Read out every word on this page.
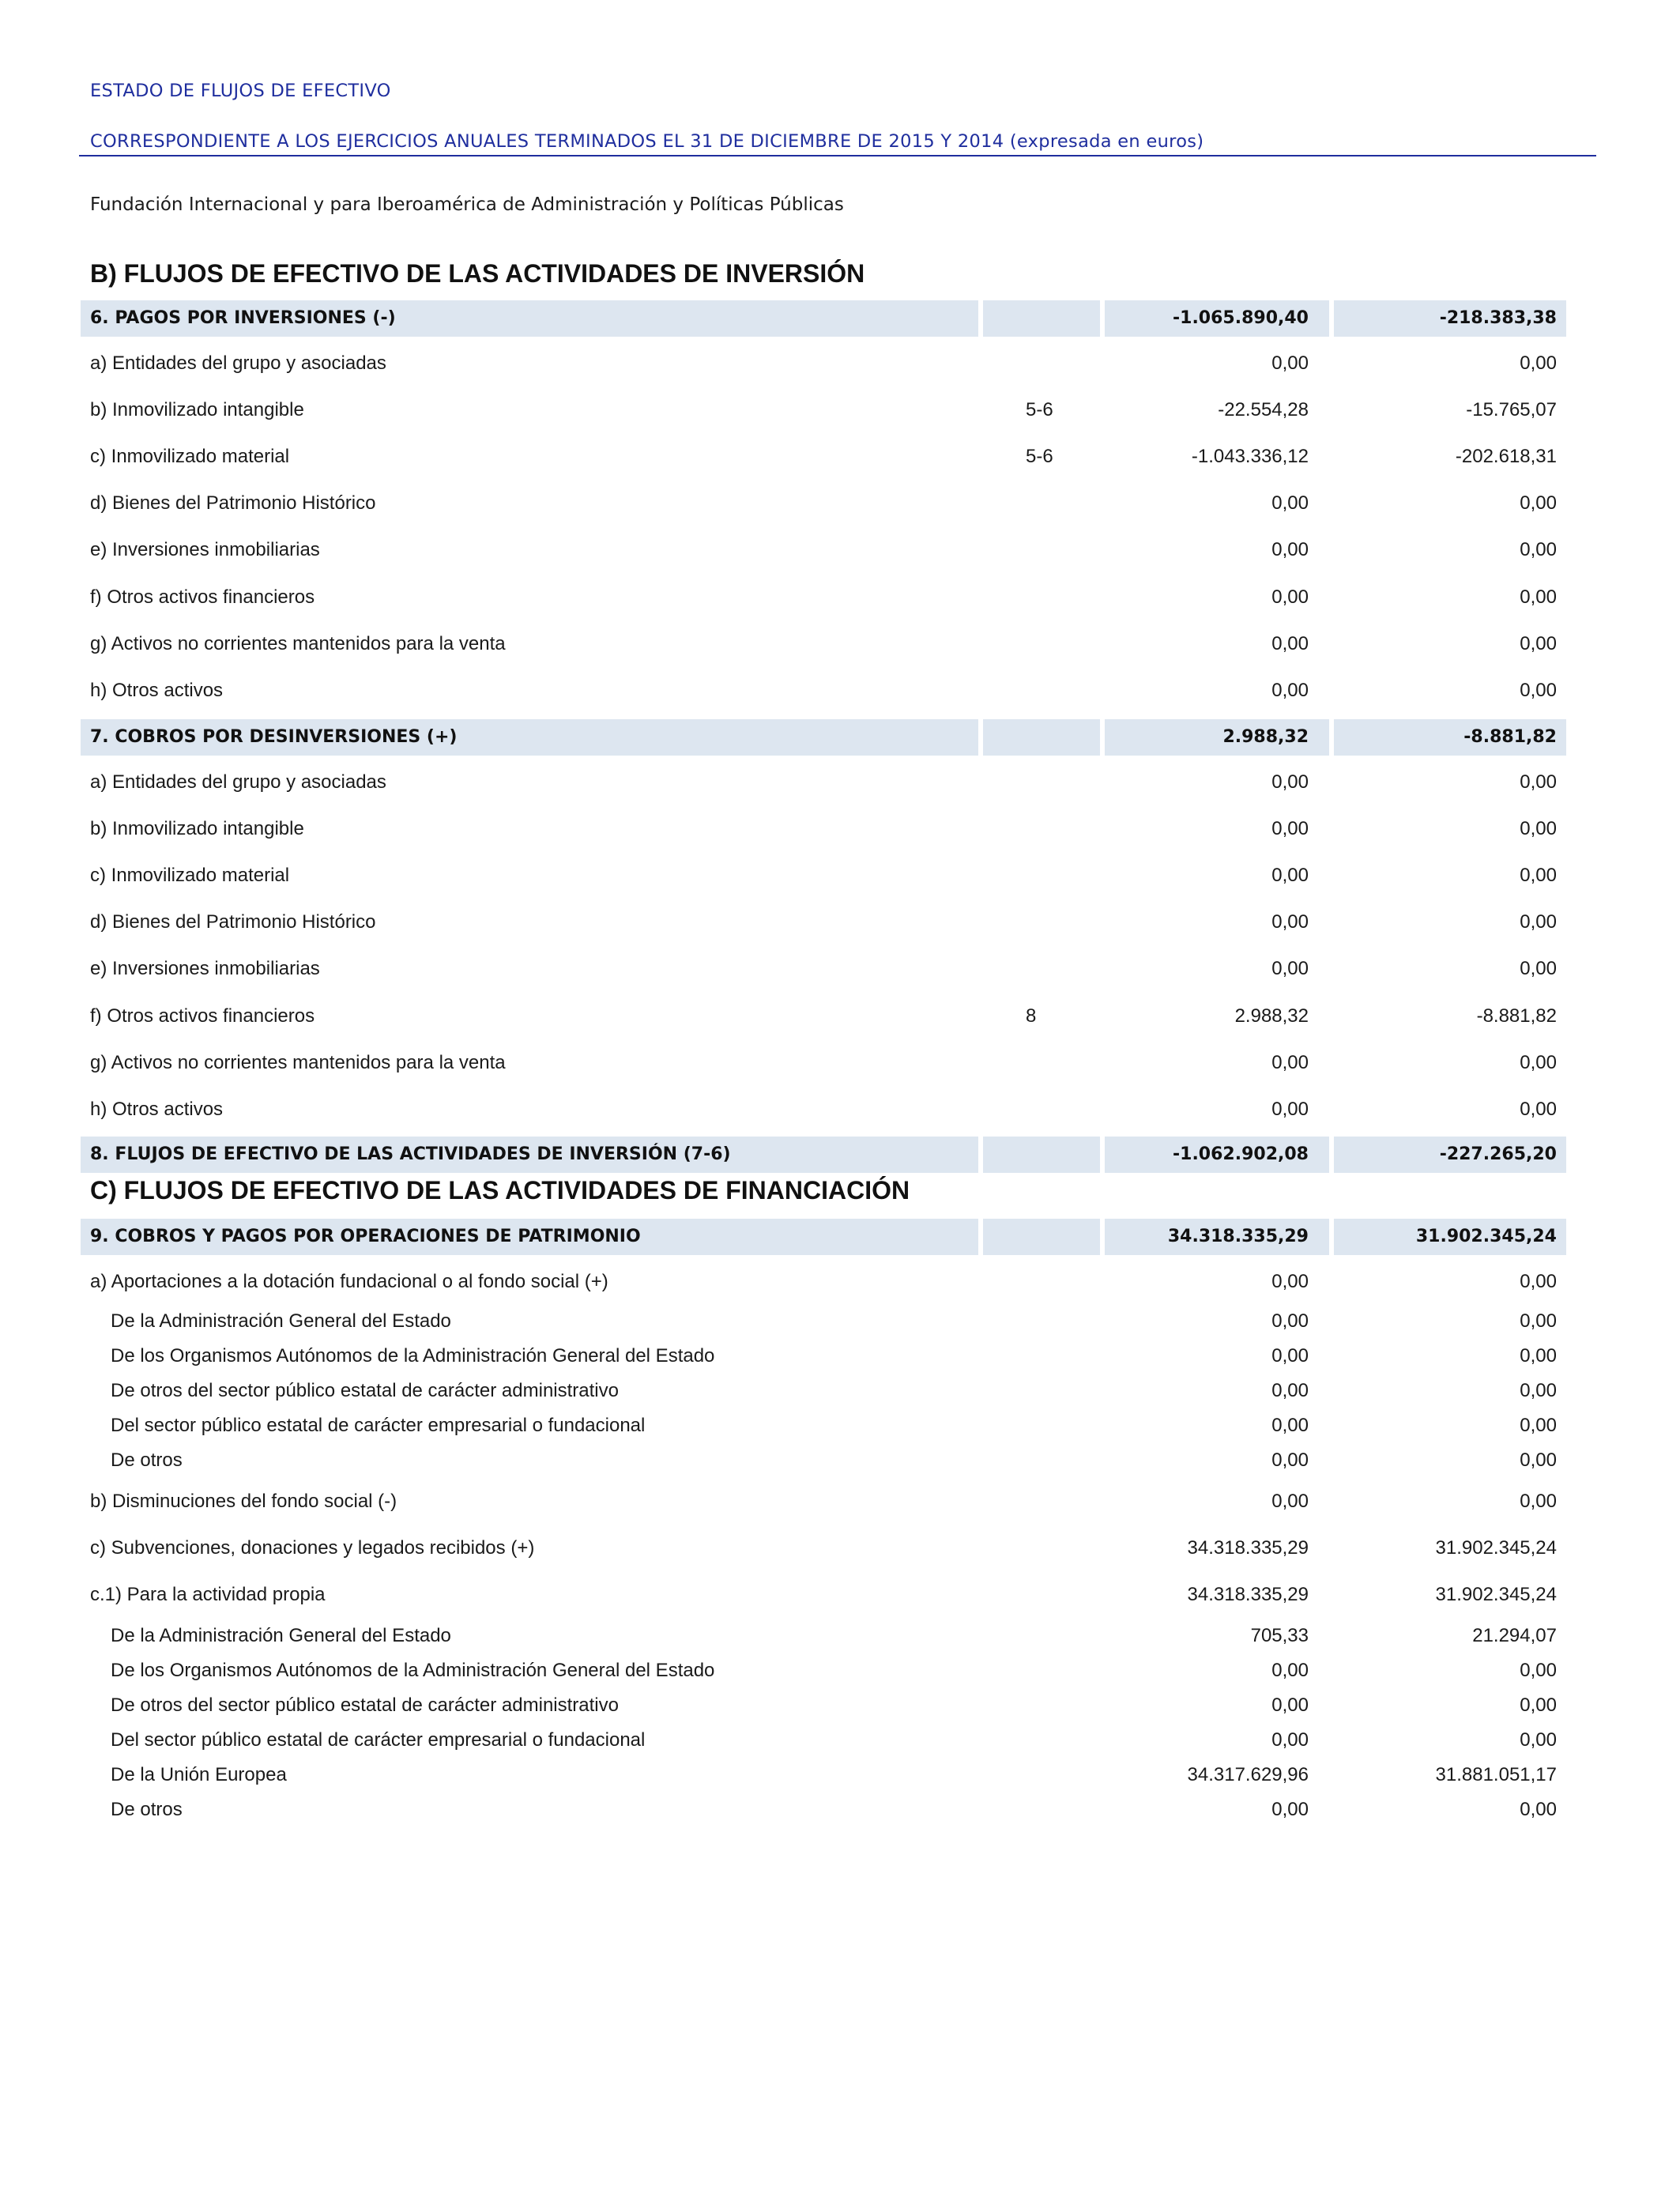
ESTADO DE FLUJOS DE EFECTIVO
CORRESPONDIENTE A LOS EJERCICIOS ANUALES TERMINADOS EL 31 DE DICIEMBRE DE 2015 Y 2014 (expresada en euros)
Fundación Internacional y para Iberoamérica de Administración y Políticas Públicas
B) FLUJOS DE EFECTIVO DE LAS ACTIVIDADES DE INVERSIÓN
C) FLUJOS DE EFECTIVO DE LAS ACTIVIDADES DE FINANCIACIÓN
6. PAGOS POR INVERSIONES (-)	-1.065.890,40	-218.383,38
a) Entidades del grupo y asociadas	0,00	0,00
b) Inmovilizado intangible	5-6	-22.554,28	-15.765,07
c) Inmovilizado material	5-6	-1.043.336,12	-202.618,31
d) Bienes del Patrimonio Histórico	0,00	0,00
e) Inversiones inmobiliarias	0,00	0,00
f) Otros activos financieros	0,00	0,00
g) Activos no corrientes mantenidos para la venta	0,00	0,00
h) Otros activos	0,00	0,00
7. COBROS POR DESINVERSIONES (+)	2.988,32	-8.881,82
a) Entidades del grupo y asociadas	0,00	0,00
b) Inmovilizado intangible	0,00	0,00
c) Inmovilizado material	0,00	0,00
d) Bienes del Patrimonio Histórico	0,00	0,00
e) Inversiones inmobiliarias	0,00	0,00
f) Otros activos financieros	8	2.988,32	-8.881,82
g) Activos no corrientes mantenidos para la venta	0,00	0,00
h) Otros activos	0,00	0,00
8. FLUJOS DE EFECTIVO DE LAS ACTIVIDADES DE INVERSIÓN (7-6)	-1.062.902,08	-227.265,20
9. COBROS Y PAGOS POR OPERACIONES DE PATRIMONIO	34.318.335,29	31.902.345,24
a) Aportaciones a la dotación fundacional o al fondo social (+)	0,00	0,00
De la Administración General del Estado	0,00	0,00
De los Organismos Autónomos de la Administración General del Estado	0,00	0,00
De otros del sector público estatal de carácter administrativo	0,00	0,00
Del sector público estatal de carácter empresarial o fundacional	0,00	0,00
De otros	0,00	0,00
b) Disminuciones del fondo social (-)	0,00	0,00
c) Subvenciones, donaciones y legados recibidos (+)	34.318.335,29	31.902.345,24
c.1) Para la actividad propia	34.318.335,29	31.902.345,24
De la Administración General del Estado	705,33	21.294,07
De los Organismos Autónomos de la Administración General del Estado	0,00	0,00
De otros del sector público estatal de carácter administrativo	0,00	0,00
Del sector público estatal de carácter empresarial o fundacional	0,00	0,00
De la Unión Europea	34.317.629,96	31.881.051,17
De otros	0,00	0,00
